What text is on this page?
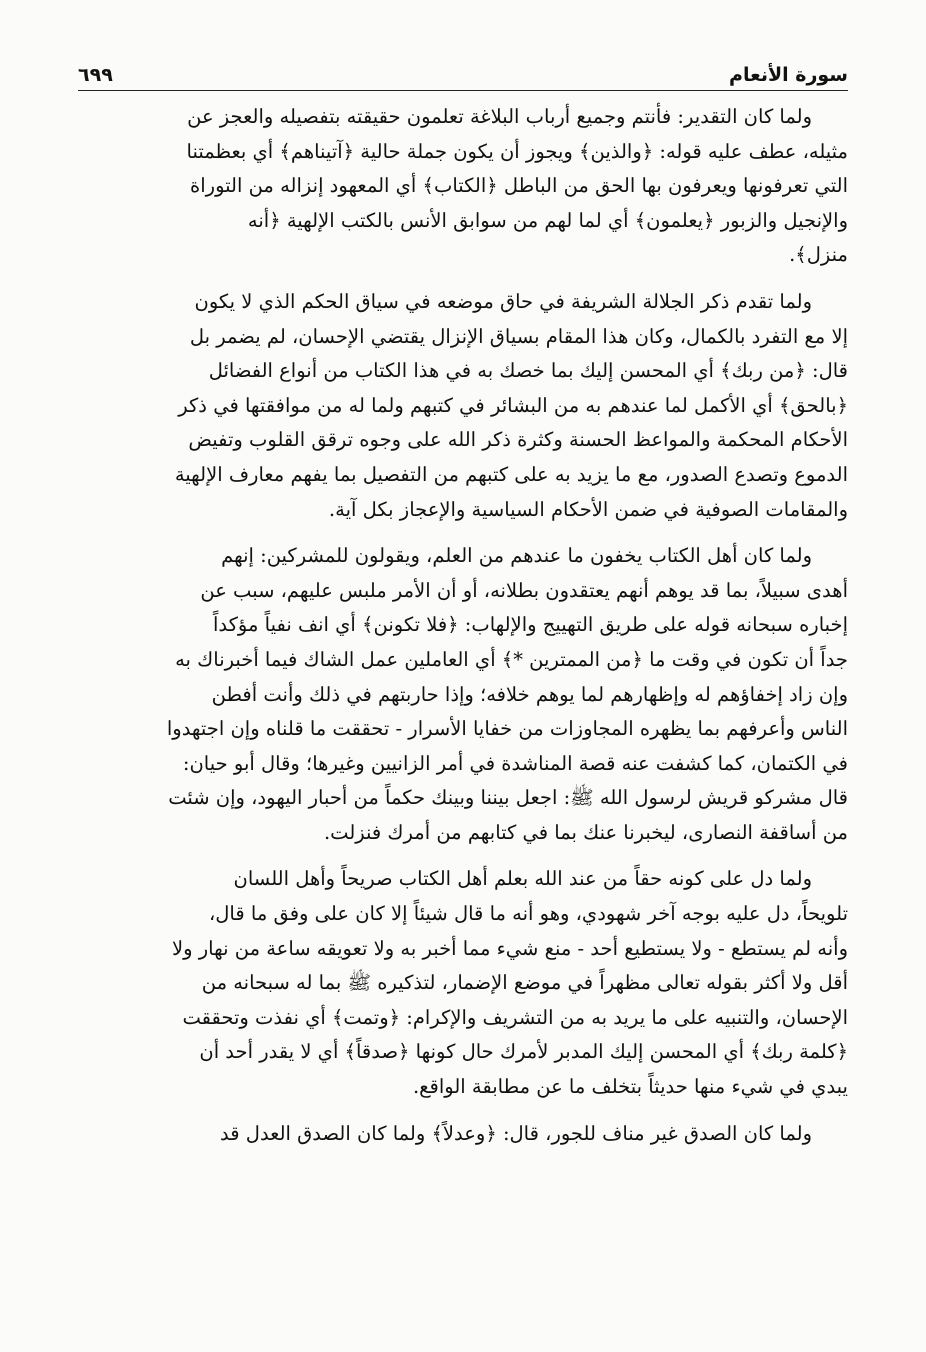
سورة الأنعام
٦٩٩

ولما كان التقدير: فأنتم وجميع أرباب البلاغة تعلمون حقيقته بتفصيله والعجز عن
مثيله، عطف عليه قوله: ﴿والذين﴾ ويجوز أن يكون جملة حالية ﴿آتيناهم﴾ أي بعظمتنا
التي تعرفونها ويعرفون بها الحق من الباطل ﴿الكتاب﴾ أي المعهود إنزاله من التوراة
والإنجيل والزبور ﴿يعلمون﴾ أي لما لهم من سوابق الأنس بالكتب الإلهية ﴿أنه
منزل﴾.

ولما تقدم ذكر الجلالة الشريفة في حاق موضعه في سياق الحكم الذي لا يكون
إلا مع التفرد بالكمال، وكان هذا المقام بسياق الإنزال يقتضي الإحسان، لم يضمر بل
قال: ﴿من ربك﴾ أي المحسن إليك بما خصك به في هذا الكتاب من أنواع الفضائل
﴿بالحق﴾ أي الأكمل لما عندهم به من البشائر في كتبهم ولما له من موافقتها في ذكر
الأحكام المحكمة والمواعظ الحسنة وكثرة ذكر الله على وجوه ترقق القلوب وتفيض
الدموع وتصدع الصدور، مع ما يزيد به على كتبهم من التفصيل بما يفهم معارف الإلهية
والمقامات الصوفية في ضمن الأحكام السياسية والإعجاز بكل آية.

ولما كان أهل الكتاب يخفون ما عندهم من العلم، ويقولون للمشركين: إنهم
أهدى سبيلاً، بما قد يوهم أنهم يعتقدون بطلانه، أو أن الأمر ملبس عليهم، سبب عن
إخباره سبحانه قوله على طريق التهييج والإلهاب: ﴿فلا تكونن﴾ أي انف نفياً مؤكداً
جداً أن تكون في وقت ما ﴿من الممترين *﴾ أي العاملين عمل الشاك فيما أخبرناك به
وإن زاد إخفاؤهم له وإظهارهم لما يوهم خلافه؛ وإذا حاربتهم في ذلك وأنت أفطن
الناس وأعرفهم بما يظهره المجاوزات من خفايا الأسرار - تحققت ما قلناه وإن اجتهدوا
في الكتمان، كما كشفت عنه قصة المناشدة في أمر الزانيين وغيرها؛ وقال أبو حيان:
قال مشركو قريش لرسول الله ﷺ: اجعل بيننا وبينك حكماً من أحبار اليهود، وإن شئت
من أساقفة النصارى، ليخبرنا عنك بما في كتابهم من أمرك فنزلت.

ولما دل على كونه حقاً من عند الله بعلم أهل الكتاب صريحاً وأهل اللسان
تلويحاً، دل عليه بوجه آخر شهودي، وهو أنه ما قال شيئاً إلا كان على وفق ما قال،
وأنه لم يستطع - ولا يستطيع أحد - منع شيء مما أخبر به ولا تعويقه ساعة من نهار ولا
أقل ولا أكثر بقوله تعالى مظهراً في موضع الإضمار، لتذكيره ﷺ بما له سبحانه من
الإحسان، والتنبيه على ما يريد به من التشريف والإكرام: ﴿وتمت﴾ أي نفذت وتحققت
﴿كلمة ربك﴾ أي المحسن إليك المدبر لأمرك حال كونها ﴿صدقاً﴾ أي لا يقدر أحد أن
يبدي في شيء منها حديثاً بتخلف ما عن مطابقة الواقع.

ولما كان الصدق غير مناف للجور، قال: ﴿وعدلاً﴾ ولما كان الصدق العدل قد
